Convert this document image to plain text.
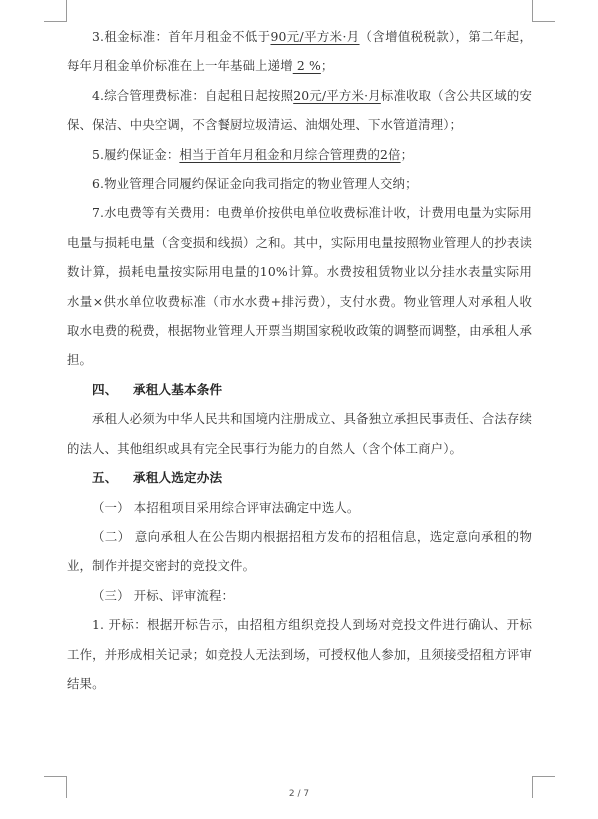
3.租金标准：首年月租金不低于90元/平方米·月（含增值税税款），第二年起，每年月租金单价标准在上一年基础上递增 2 %；

4.综合管理费标准：自起租日起按照20元/平方米·月标准收取（含公共区域的安保、保洁、中央空调，不含餐厨垃圾清运、油烟处理、下水管道清理）；

5.履约保证金：相当于首年月租金和月综合管理费的2倍；

6.物业管理合同履约保证金向我司指定的物业管理人交纳；

7.水电费等有关费用：电费单价按供电单位收费标准计收，计费用电量为实际用电量与损耗电量（含变损和线损）之和。其中，实际用电量按照物业管理人的抄表读数计算，损耗电量按实际用电量的10%计算。水费按租赁物业以分挂水表量实际用水量×供水单位收费标准（市水水费+排污费），支付水费。物业管理人对承租人收取水电费的税费，根据物业管理人开票当期国家税收政策的调整而调整，由承租人承担。

四、 承租人基本条件

承租人必须为中华人民共和国境内注册成立、具备独立承担民事责任、合法存续的法人、其他组织或具有完全民事行为能力的自然人（含个体工商户）。

五、 承租人选定办法

（一） 本招租项目采用综合评审法确定中选人。

（二） 意向承租人在公告期内根据招租方发布的招租信息，选定意向承租的物业，制作并提交密封的竞投文件。

（三） 开标、评审流程：

1. 开标：根据开标告示，由招租方组织竞投人到场对竞投文件进行确认、开标工作，并形成相关记录；如竞投人无法到场，可授权他人参加，且须接受招租方评审结果。

2 / 7
